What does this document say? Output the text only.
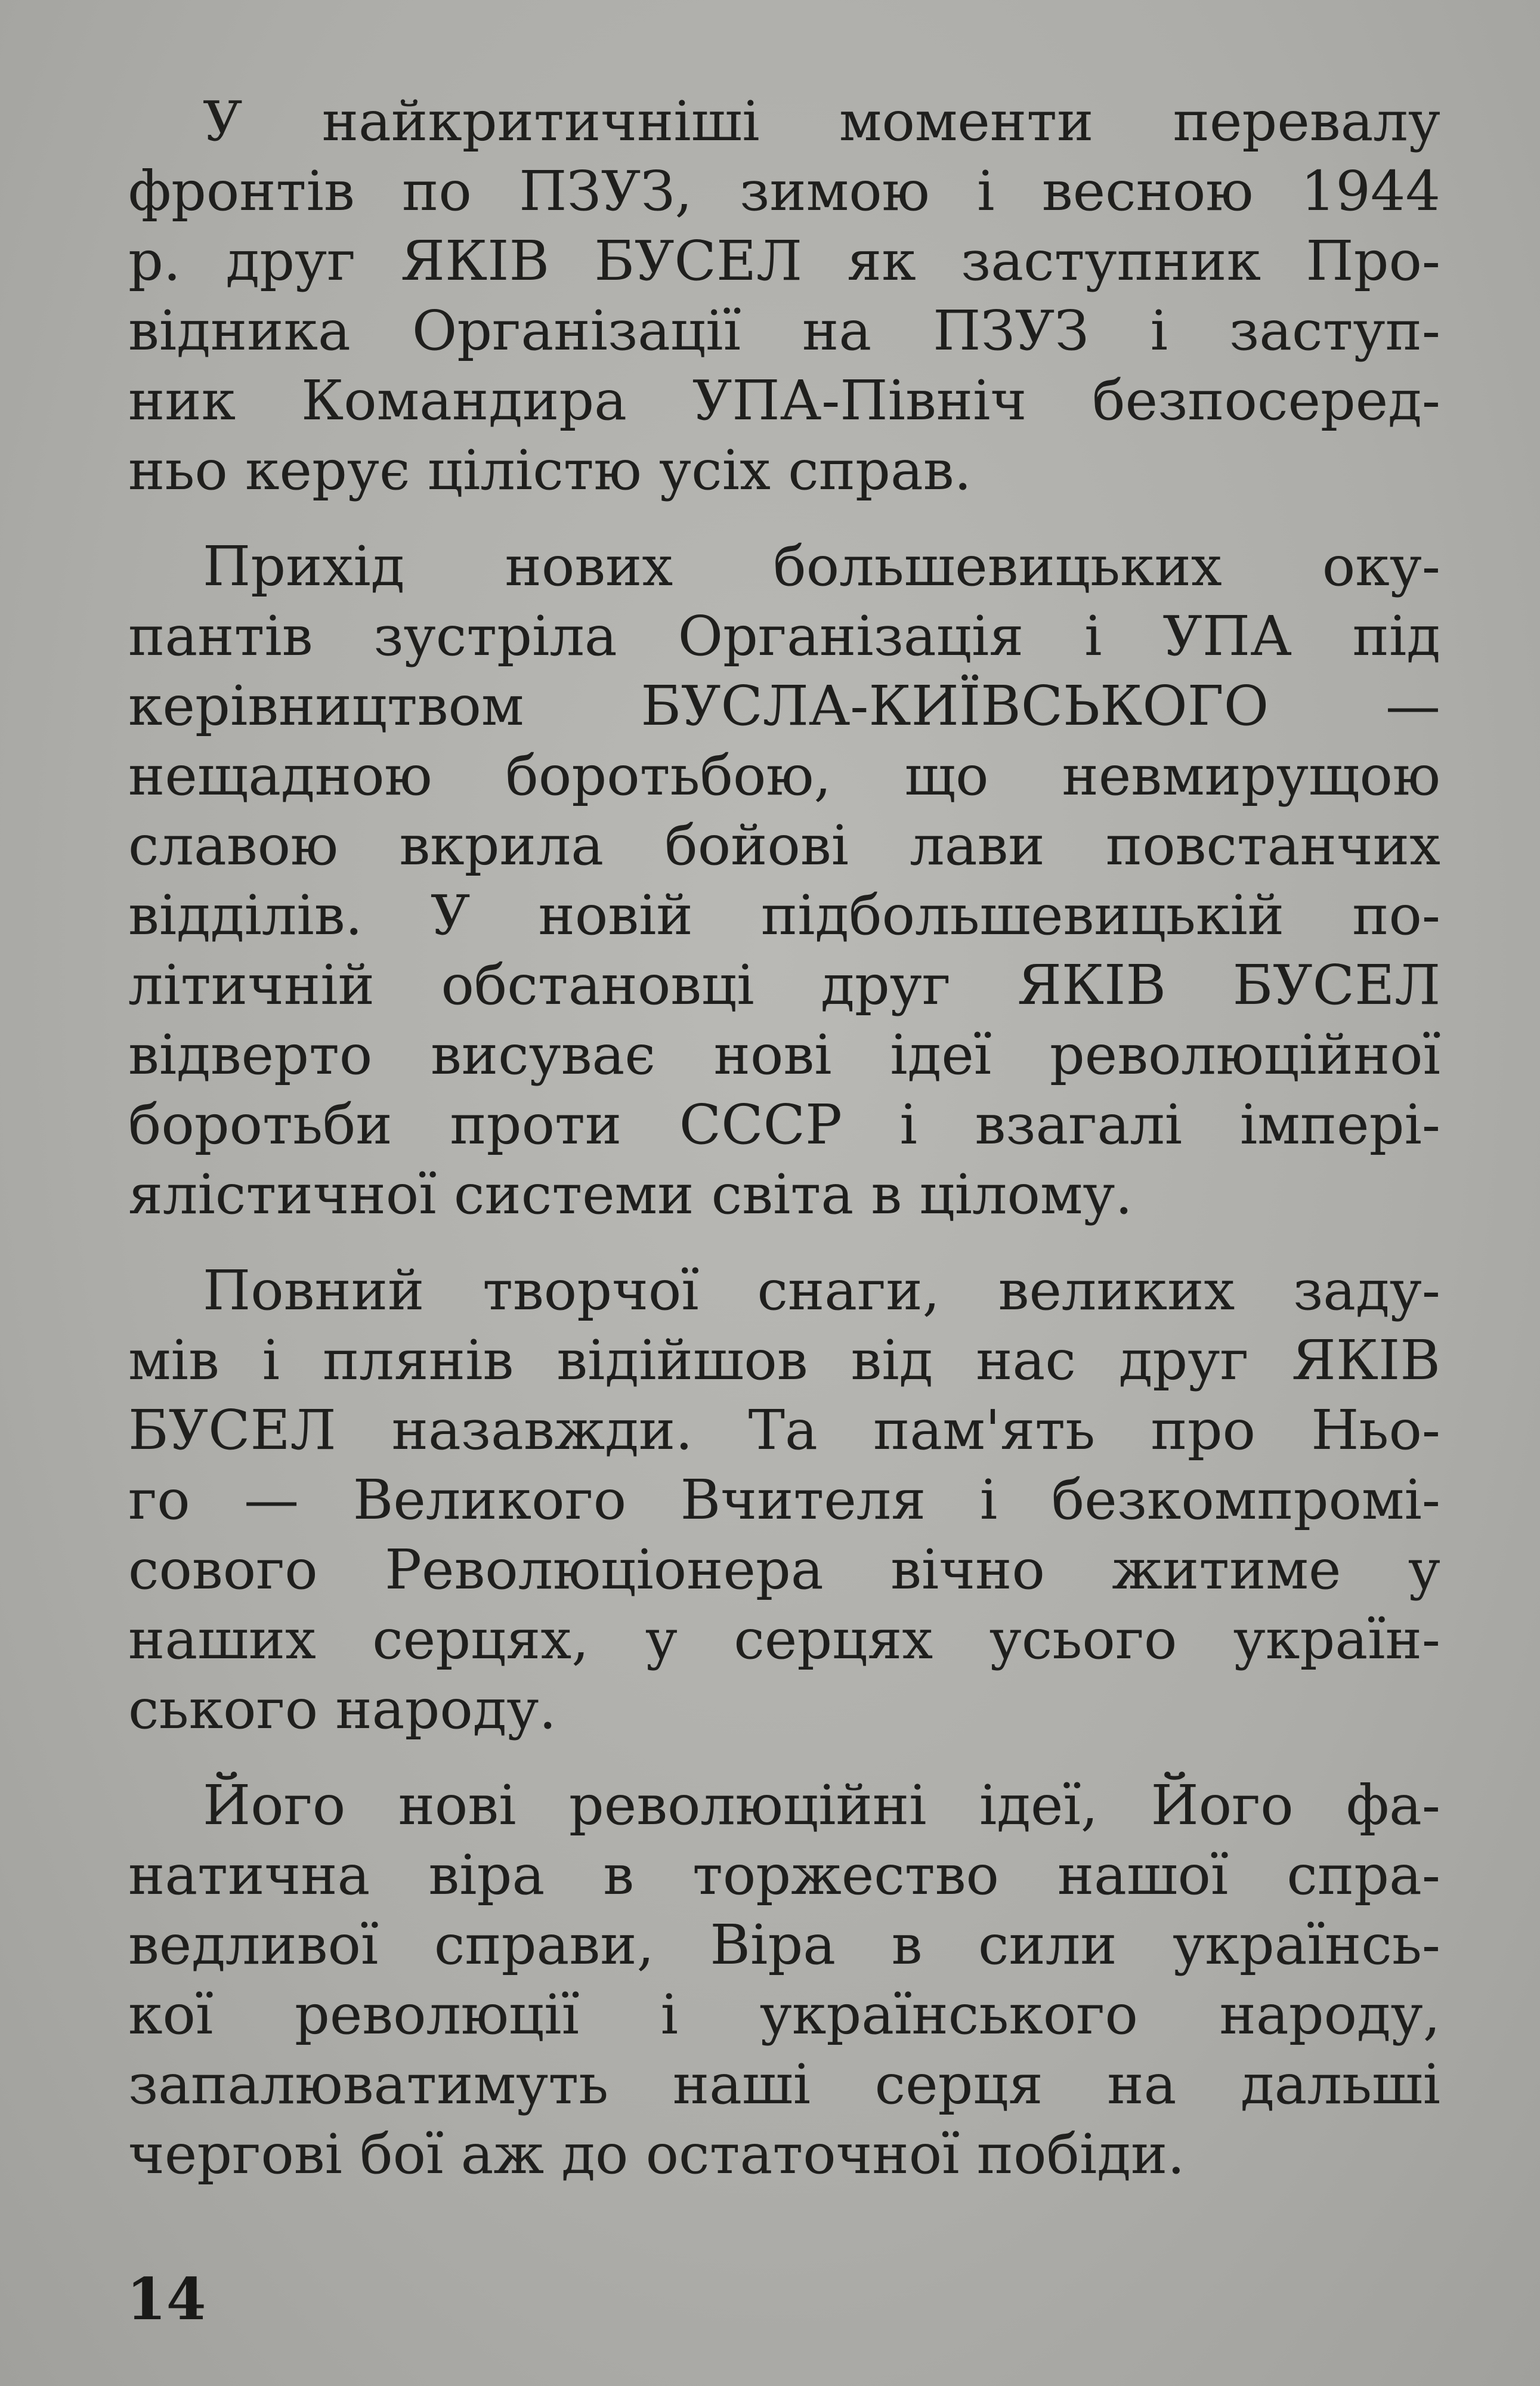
У найкритичніші моменти перевалу
фронтів по ПЗУЗ, зимою і весною 1944
р. друг ЯКІВ БУСЕЛ як заступник Про-
відника Організації на ПЗУЗ і заступ-
ник Командира УПА-Північ безпосеред-
ньо керує цілістю усіх справ.

Прихід нових большевицьких оку-
пантів зустріла Організація і УПА під
керівництвом БУСЛА-КИЇВСЬКОГО —
нещадною боротьбою, що невмирущою
славою вкрила бойові лави повстанчих
відділів. У новій підбольшевицькій по-
літичній обстановці друг ЯКІВ БУСЕЛ
відверто висуває нові ідеї революційної
боротьби проти СССР і взагалі імпері-
ялістичної системи світа в цілому.

Повний творчої снаги, великих заду-
мів і плянів відійшов від нас друг ЯКІВ
БУСЕЛ назавжди. Та пам'ять про Ньо-
го — Великого Вчителя і безкомпромі-
сового Революціонера вічно житиме у
наших серцях, у серцях усього україн-
ського народу.

Його нові революційні ідеї, Його фа-
натична віра в торжество нашої спра-
ведливої справи, Віра в сили українсь-
кої революції і українського народу,
запалюватимуть наші серця на дальші
чергові бої аж до остаточної побіди.

14
